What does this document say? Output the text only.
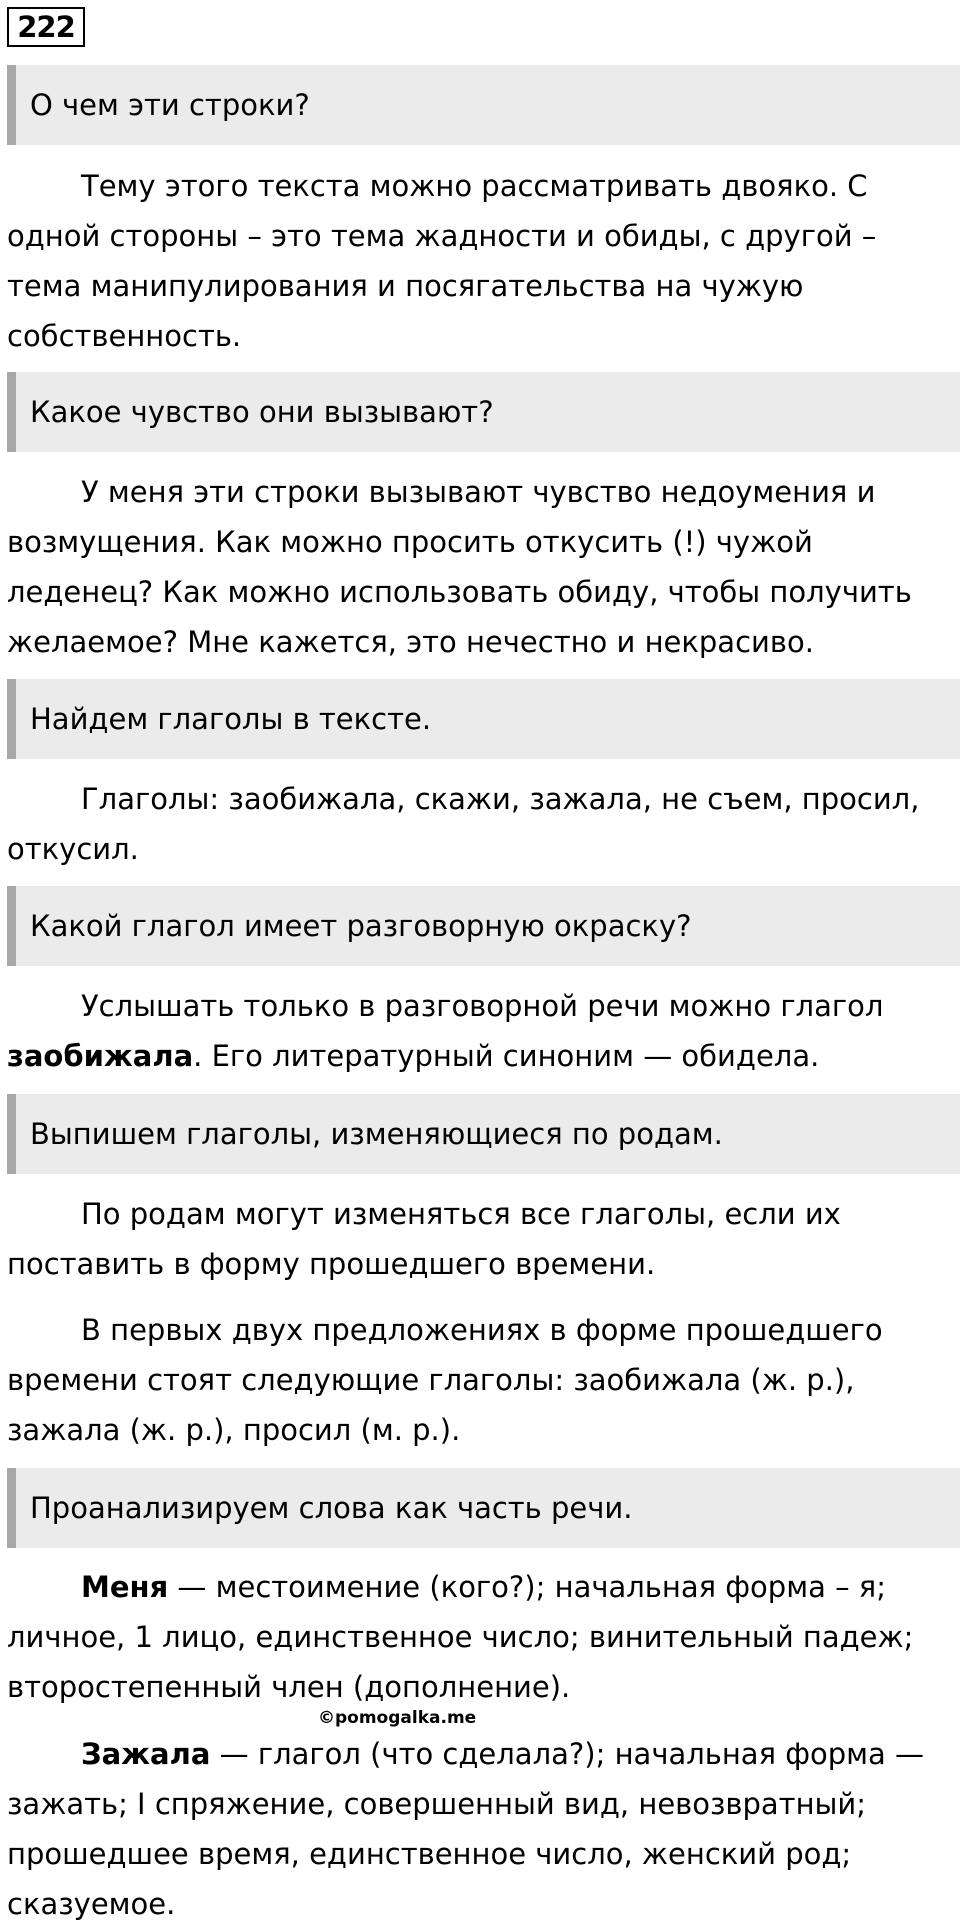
222
О чем эти строки?
Тему этого текста можно рассматривать двояко. С
одной стороны – это тема жадности и обиды, с другой –
тема манипулирования и посягательства на чужую
собственность.
Какое чувство они вызывают?
У меня эти строки вызывают чувство недоумения и
возмущения. Как можно просить откусить (!) чужой
леденец? Как можно использовать обиду, чтобы получить
желаемое? Мне кажется, это нечестно и некрасиво.
Найдем глаголы в тексте.
Глаголы: заобижала, скажи, зажала, не съем, просил,
откусил.
Какой глагол имеет разговорную окраску?
Услышать только в разговорной речи можно глагол
заобижала. Его литературный синоним — обидела.
Выпишем глаголы, изменяющиеся по родам.
По родам могут изменяться все глаголы, если их
поставить в форму прошедшего времени.
В первых двух предложениях в форме прошедшего
времени стоят следующие глаголы: заобижала (ж. р.),
зажала (ж. р.), просил (м. р.).
Проанализируем слова как часть речи.
Меня — местоимение (кого?); начальная форма – я;
личное, 1 лицо, единственное число; винительный падеж;
второстепенный член (дополнение).
©pomogalka.me
Зажала — глагол (что сделала?); начальная форма —
зажать; I спряжение, совершенный вид, невозвратный;
прошедшее время, единственное число, женский род;
сказуемое.
